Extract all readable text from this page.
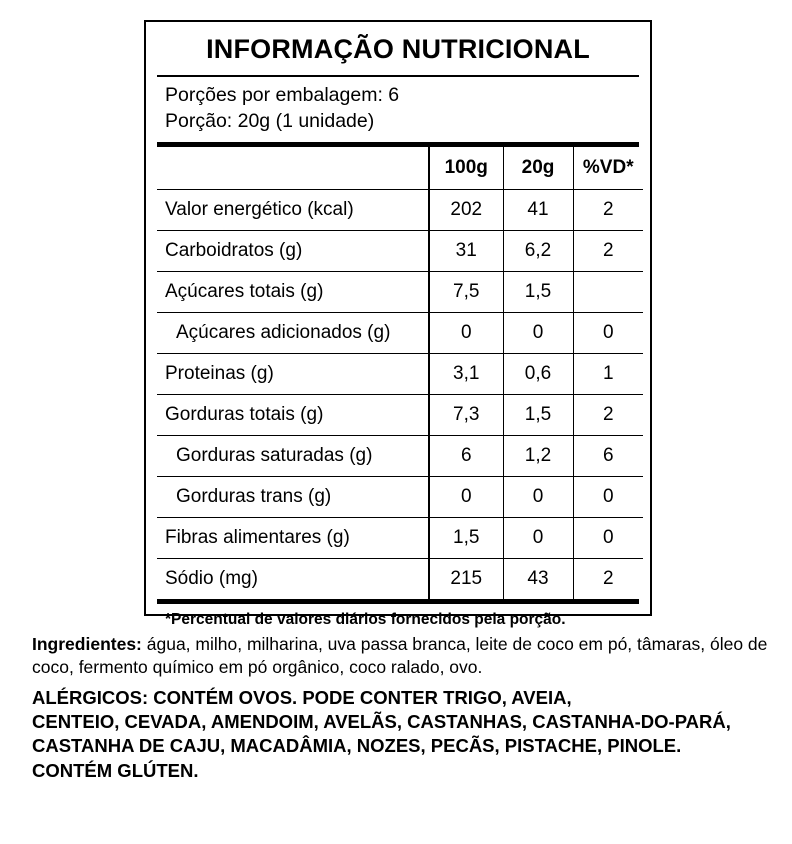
INFORMAÇÃO NUTRICIONAL
Porções por embalagem: 6
Porção: 20g (1 unidade)
	100g	20g	%VD*
Valor energético (kcal)	202	41	2
Carboidratos (g)	31	6,2	2
Açúcares totais (g)	7,5	1,5	
Açúcares adicionados (g)	0	0	0
Proteinas (g)	3,1	0,6	1
Gorduras totais (g)	7,3	1,5	2
Gorduras saturadas (g)	6	1,2	6
Gorduras trans (g)	0	0	0
Fibras alimentares (g)	1,5	0	0
Sódio (mg)	215	43	2
*Percentual de valores diários fornecidos pela porção.

Ingredientes: água, milho, milharina, uva passa branca, leite de coco em pó, tâmaras, óleo de coco, fermento químico em pó orgânico, coco ralado, ovo.

ALÉRGICOS: CONTÉM OVOS. PODE CONTER TRIGO, AVEIA,
CENTEIO, CEVADA, AMENDOIM, AVELÃS, CASTANHAS, CASTANHA-DO-PARÁ,
CASTANHA DE CAJU, MACADÂMIA, NOZES, PECÃS, PISTACHE, PINOLE.
CONTÉM GLÚTEN.
